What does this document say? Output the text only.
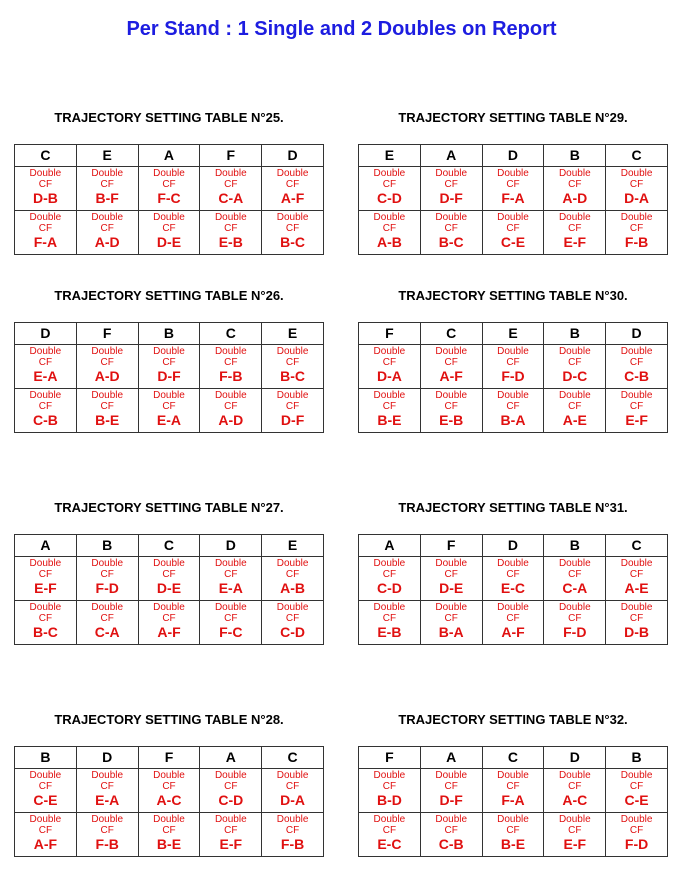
Per Stand : 1 Single and 2 Doubles on Report
TRAJECTORY SETTING TABLE N°25.
C	E	A	F	D

Double
CF
D-B	Double
CF
B-F	Double
CF
F-C	Double
CF
C-A	Double
CF
A-F

Double
CF
F-A	Double
CF
A-D	Double
CF
D-E	Double
CF
E-B	Double
CF
B-C
TRAJECTORY SETTING TABLE N°29.
E	A	D	B	C

Double
CF
C-D	Double
CF
D-F	Double
CF
F-A	Double
CF
A-D	Double
CF
D-A

Double
CF
A-B	Double
CF
B-C	Double
CF
C-E	Double
CF
E-F	Double
CF
F-B
TRAJECTORY SETTING TABLE N°26.
D	F	B	C	E

Double
CF
E-A	Double
CF
A-D	Double
CF
D-F	Double
CF
F-B	Double
CF
B-C

Double
CF
C-B	Double
CF
B-E	Double
CF
E-A	Double
CF
A-D	Double
CF
D-F
TRAJECTORY SETTING TABLE N°30.
F	C	E	B	D

Double
CF
D-A	Double
CF
A-F	Double
CF
F-D	Double
CF
D-C	Double
CF
C-B

Double
CF
B-E	Double
CF
E-B	Double
CF
B-A	Double
CF
A-E	Double
CF
E-F
TRAJECTORY SETTING TABLE N°27.
A	B	C	D	E

Double
CF
E-F	Double
CF
F-D	Double
CF
D-E	Double
CF
E-A	Double
CF
A-B

Double
CF
B-C	Double
CF
C-A	Double
CF
A-F	Double
CF
F-C	Double
CF
C-D
TRAJECTORY SETTING TABLE N°31.
A	F	D	B	C

Double
CF
C-D	Double
CF
D-E	Double
CF
E-C	Double
CF
C-A	Double
CF
A-E

Double
CF
E-B	Double
CF
B-A	Double
CF
A-F	Double
CF
F-D	Double
CF
D-B
TRAJECTORY SETTING TABLE N°28.
B	D	F	A	C

Double
CF
C-E	Double
CF
E-A	Double
CF
A-C	Double
CF
C-D	Double
CF
D-A

Double
CF
A-F	Double
CF
F-B	Double
CF
B-E	Double
CF
E-F	Double
CF
F-B
TRAJECTORY SETTING TABLE N°32.
F	A	C	D	B

Double
CF
B-D	Double
CF
D-F	Double
CF
F-A	Double
CF
A-C	Double
CF
C-E

Double
CF
E-C	Double
CF
C-B	Double
CF
B-E	Double
CF
E-F	Double
CF
F-D
